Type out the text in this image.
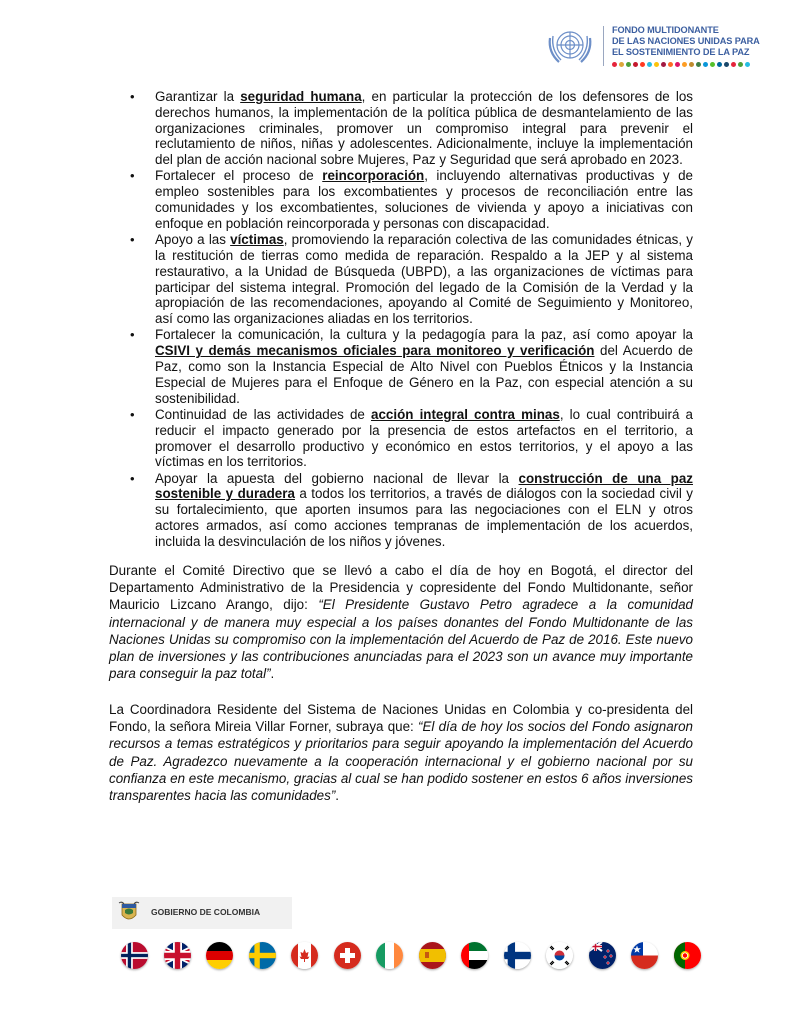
FONDO MULTIDONANTE
DE LAS NACIONES UNIDAS PARA
EL SOSTENIMIENTO DE LA PAZ
• Garantizar la seguridad humana, en particular la protección de los defensores de los derechos humanos, la implementación de la política pública de desmantelamiento de las organizaciones criminales, promover un compromiso integral para prevenir el reclutamiento de niños, niñas y adolescentes. Adicionalmente, incluye la implementación del plan de acción nacional sobre Mujeres, Paz y Seguridad que será aprobado en 2023.
• Fortalecer el proceso de reincorporación, incluyendo alternativas productivas y de empleo sostenibles para los excombatientes y procesos de reconciliación entre las comunidades y los excombatientes, soluciones de vivienda y apoyo a iniciativas con enfoque en población reincorporada y personas con discapacidad.
• Apoyo a las víctimas, promoviendo la reparación colectiva de las comunidades étnicas, y la restitución de tierras como medida de reparación. Respaldo a la JEP y al sistema restaurativo, a la Unidad de Búsqueda (UBPD), a las organizaciones de víctimas para participar del sistema integral. Promoción del legado de la Comisión de la Verdad y la apropiación de las recomendaciones, apoyando al Comité de Seguimiento y Monitoreo, así como las organizaciones aliadas en los territorios.
• Fortalecer la comunicación, la cultura y la pedagogía para la paz, así como apoyar la CSIVI y demás mecanismos oficiales para monitoreo y verificación del Acuerdo de Paz, como son la Instancia Especial de Alto Nivel con Pueblos Étnicos y la Instancia Especial de Mujeres para el Enfoque de Género en la Paz, con especial atención a su sostenibilidad.
• Continuidad de las actividades de acción integral contra minas, lo cual contribuirá a reducir el impacto generado por la presencia de estos artefactos en el territorio, a promover el desarrollo productivo y económico en estos territorios, y el apoyo a las víctimas en los territorios.
• Apoyar la apuesta del gobierno nacional de llevar la construcción de una paz sostenible y duradera a todos los territorios, a través de diálogos con la sociedad civil y su fortalecimiento, que aporten insumos para las negociaciones con el ELN y otros actores armados, así como acciones tempranas de implementación de los acuerdos, incluida la desvinculación de los niños y jóvenes.

Durante el Comité Directivo que se llevó a cabo el día de hoy en Bogotá, el director del Departamento Administrativo de la Presidencia y copresidente del Fondo Multidonante, señor Mauricio Lizcano Arango, dijo: “El Presidente Gustavo Petro agradece a la comunidad internacional y de manera muy especial a los países donantes del Fondo Multidonante de las Naciones Unidas su compromiso con la implementación del Acuerdo de Paz de 2016. Este nuevo plan de inversiones y las contribuciones anunciadas para el 2023 son un avance muy importante para conseguir la paz total”.

La Coordinadora Residente del Sistema de Naciones Unidas en Colombia y co-presidenta del Fondo, la señora Mireia Villar Forner, subraya que: “El día de hoy los socios del Fondo asignaron recursos a temas estratégicos y prioritarios para seguir apoyando la implementación del Acuerdo de Paz. Agradezco nuevamente a la cooperación internacional y el gobierno nacional por su confianza en este mecanismo, gracias al cual se han podido sostener en estos 6 años inversiones transparentes hacia las comunidades”.

GOBIERNO DE COLOMBIA
